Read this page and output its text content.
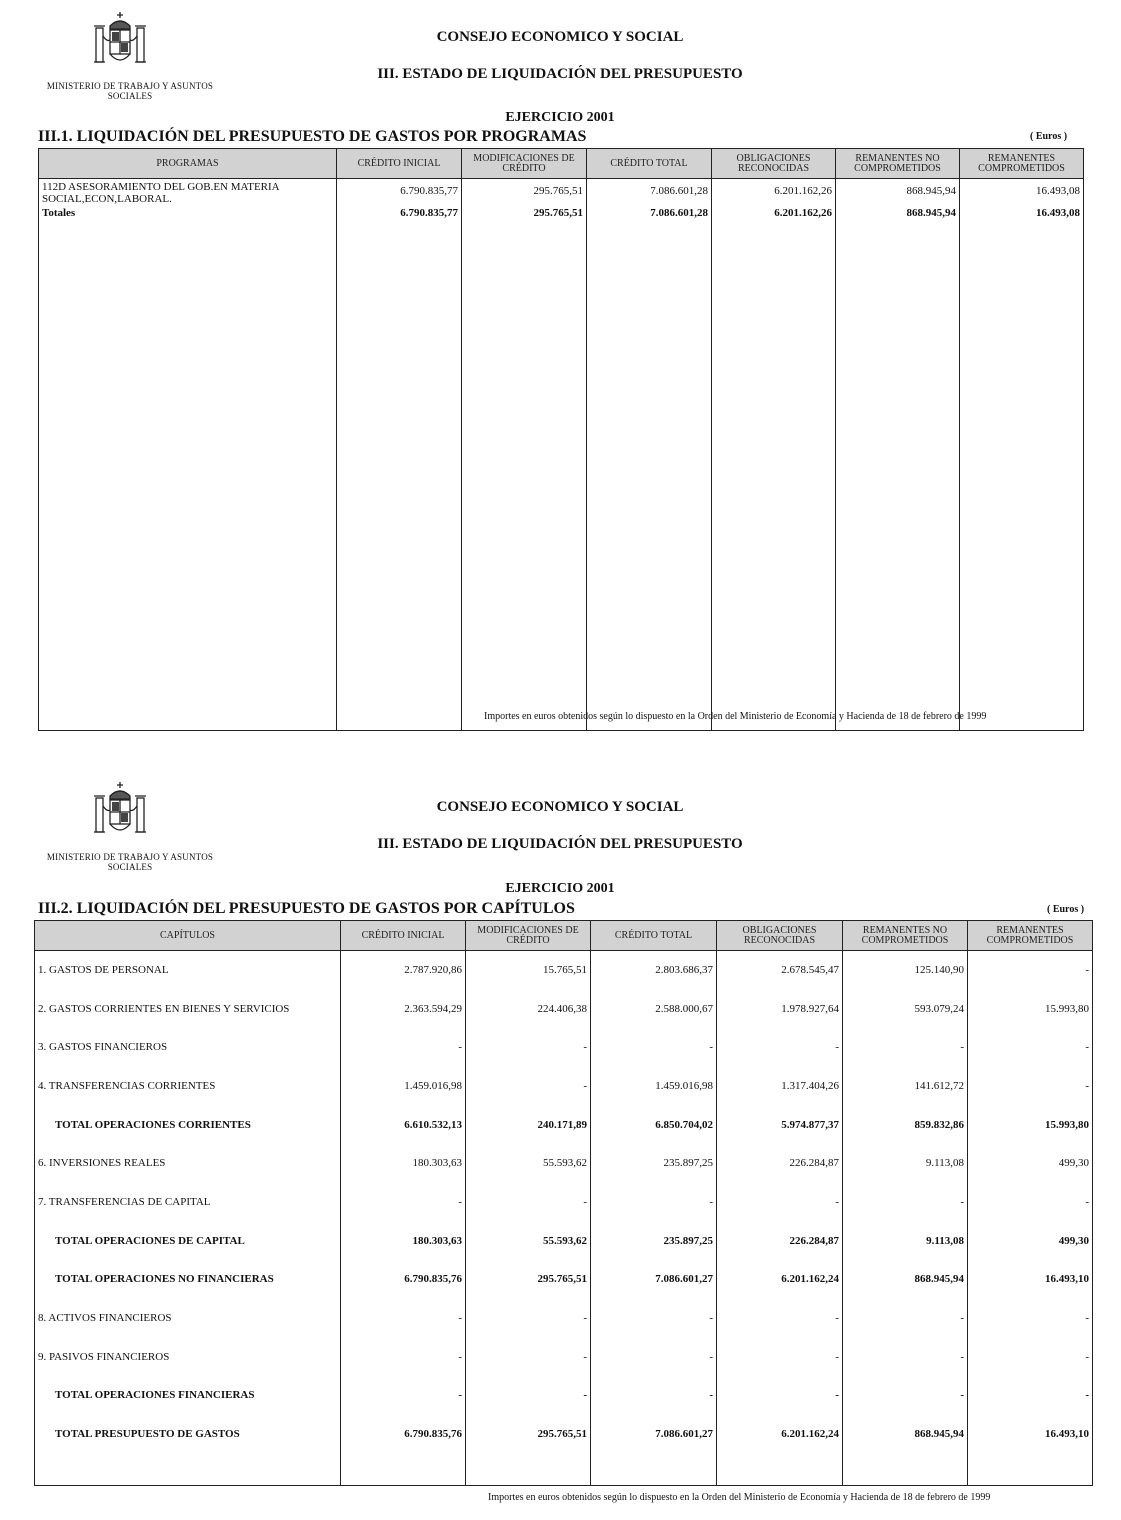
MINISTERIO DE TRABAJO Y ASUNTOS SOCIALES
CONSEJO ECONOMICO Y SOCIAL
III. ESTADO DE LIQUIDACIÓN DEL PRESUPUESTO
EJERCICIO 2001
III.1. LIQUIDACIÓN DEL PRESUPUESTO DE GASTOS POR PROGRAMAS	( Euros )
PROGRAMAS	CRÉDITO INICIAL	MODIFICACIONES DE CRÉDITO	CRÉDITO TOTAL	OBLIGACIONES RECONOCIDAS	REMANENTES NO COMPROMETIDOS	REMANENTES COMPROMETIDOS
112D ASESORAMIENTO DEL GOB.EN MATERIA SOCIAL,ECON,LABORAL.	6.790.835,77	295.765,51	7.086.601,28	6.201.162,26	868.945,94	16.493,08
Totales	6.790.835,77	295.765,51	7.086.601,28	6.201.162,26	868.945,94	16.493,08

Importes en euros obtenidos según lo dispuesto en la Orden del Ministerio de Economía y Hacienda de 18 de febrero de 1999
MINISTERIO DE TRABAJO Y ASUNTOS SOCIALES
CONSEJO ECONOMICO Y SOCIAL
III. ESTADO DE LIQUIDACIÓN DEL PRESUPUESTO
EJERCICIO 2001
III.2. LIQUIDACIÓN DEL PRESUPUESTO DE GASTOS POR CAPÍTULOS	( Euros )
CAPÍTULOS	CRÉDITO INICIAL	MODIFICACIONES DE CRÉDITO	CRÉDITO TOTAL	OBLIGACIONES RECONOCIDAS	REMANENTES NO COMPROMETIDOS	REMANENTES COMPROMETIDOS
1. GASTOS DE PERSONAL	2.787.920,86	15.765,51	2.803.686,37	2.678.545,47	125.140,90	-
2. GASTOS CORRIENTES EN BIENES Y SERVICIOS	2.363.594,29	224.406,38	2.588.000,67	1.978.927,64	593.079,24	15.993,80
3. GASTOS FINANCIEROS	-	-	-	-	-	-
4. TRANSFERENCIAS CORRIENTES	1.459.016,98	-	1.459.016,98	1.317.404,26	141.612,72	-
TOTAL OPERACIONES CORRIENTES	6.610.532,13	240.171,89	6.850.704,02	5.974.877,37	859.832,86	15.993,80
6. INVERSIONES REALES	180.303,63	55.593,62	235.897,25	226.284,87	9.113,08	499,30
7. TRANSFERENCIAS DE CAPITAL	-	-	-	-	-	-
TOTAL OPERACIONES DE CAPITAL	180.303,63	55.593,62	235.897,25	226.284,87	9.113,08	499,30
TOTAL OPERACIONES NO FINANCIERAS	6.790.835,76	295.765,51	7.086.601,27	6.201.162,24	868.945,94	16.493,10
8. ACTIVOS FINANCIEROS	-	-	-	-	-	-
9. PASIVOS FINANCIEROS	-	-	-	-	-	-
TOTAL OPERACIONES FINANCIERAS	-	-	-	-	-	-
TOTAL PRESUPUESTO DE GASTOS	6.790.835,76	295.765,51	7.086.601,27	6.201.162,24	868.945,94	16.493,10

Importes en euros obtenidos según lo dispuesto en la Orden del Ministerio de Economía y Hacienda de 18 de febrero de 1999
